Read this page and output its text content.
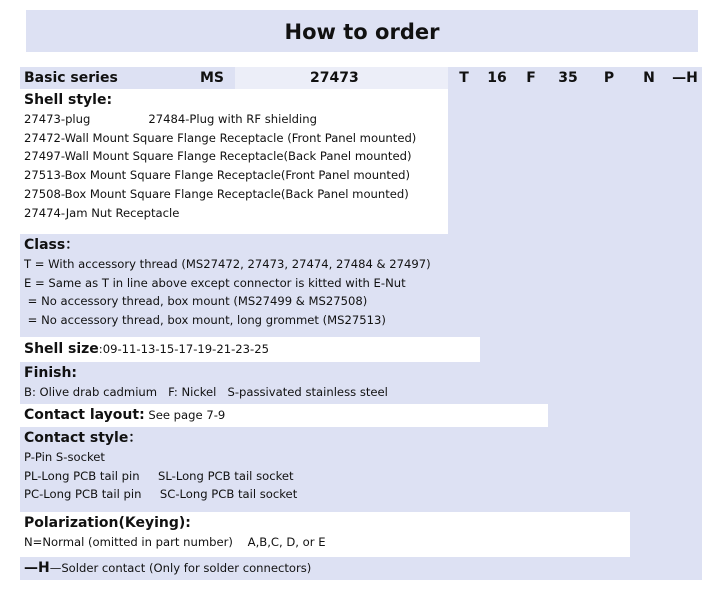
How to order
Basic series	MS	27473	T	16	F	35	P	N	—H
Shell style:
27473-plug	27484-Plug with RF shielding
27472-Wall Mount Square Flange Receptacle (Front Panel mounted)
27497-Wall Mount Square Flange Receptacle(Back Panel mounted)
27513-Box Mount Square Flange Receptacle(Front Panel mounted)
27508-Box Mount Square Flange Receptacle(Back Panel mounted)
27474-Jam Nut Receptacle
Class：
T = With accessory thread (MS27472, 27473, 27474, 27484 & 27497)
E = Same as T in line above except connector is kitted with E-Nut
= No accessory thread, box mount (MS27499 & MS27508)
= No accessory thread, box mount, long grommet (MS27513)
Shell size:09-11-13-15-17-19-21-23-25
Finish:
B: Olive drab cadmium   F: Nickel   S-passivated stainless steel
Contact layout: See page 7-9
Contact style：
P-Pin S-socket
PL-Long PCB tail pin     SL-Long PCB tail socket
PC-Long PCB tail pin     SC-Long PCB tail socket
Polarization(Keying):
N=Normal (omitted in part number)    A,B,C, D, or E
—H—Solder contact (Only for solder connectors)
